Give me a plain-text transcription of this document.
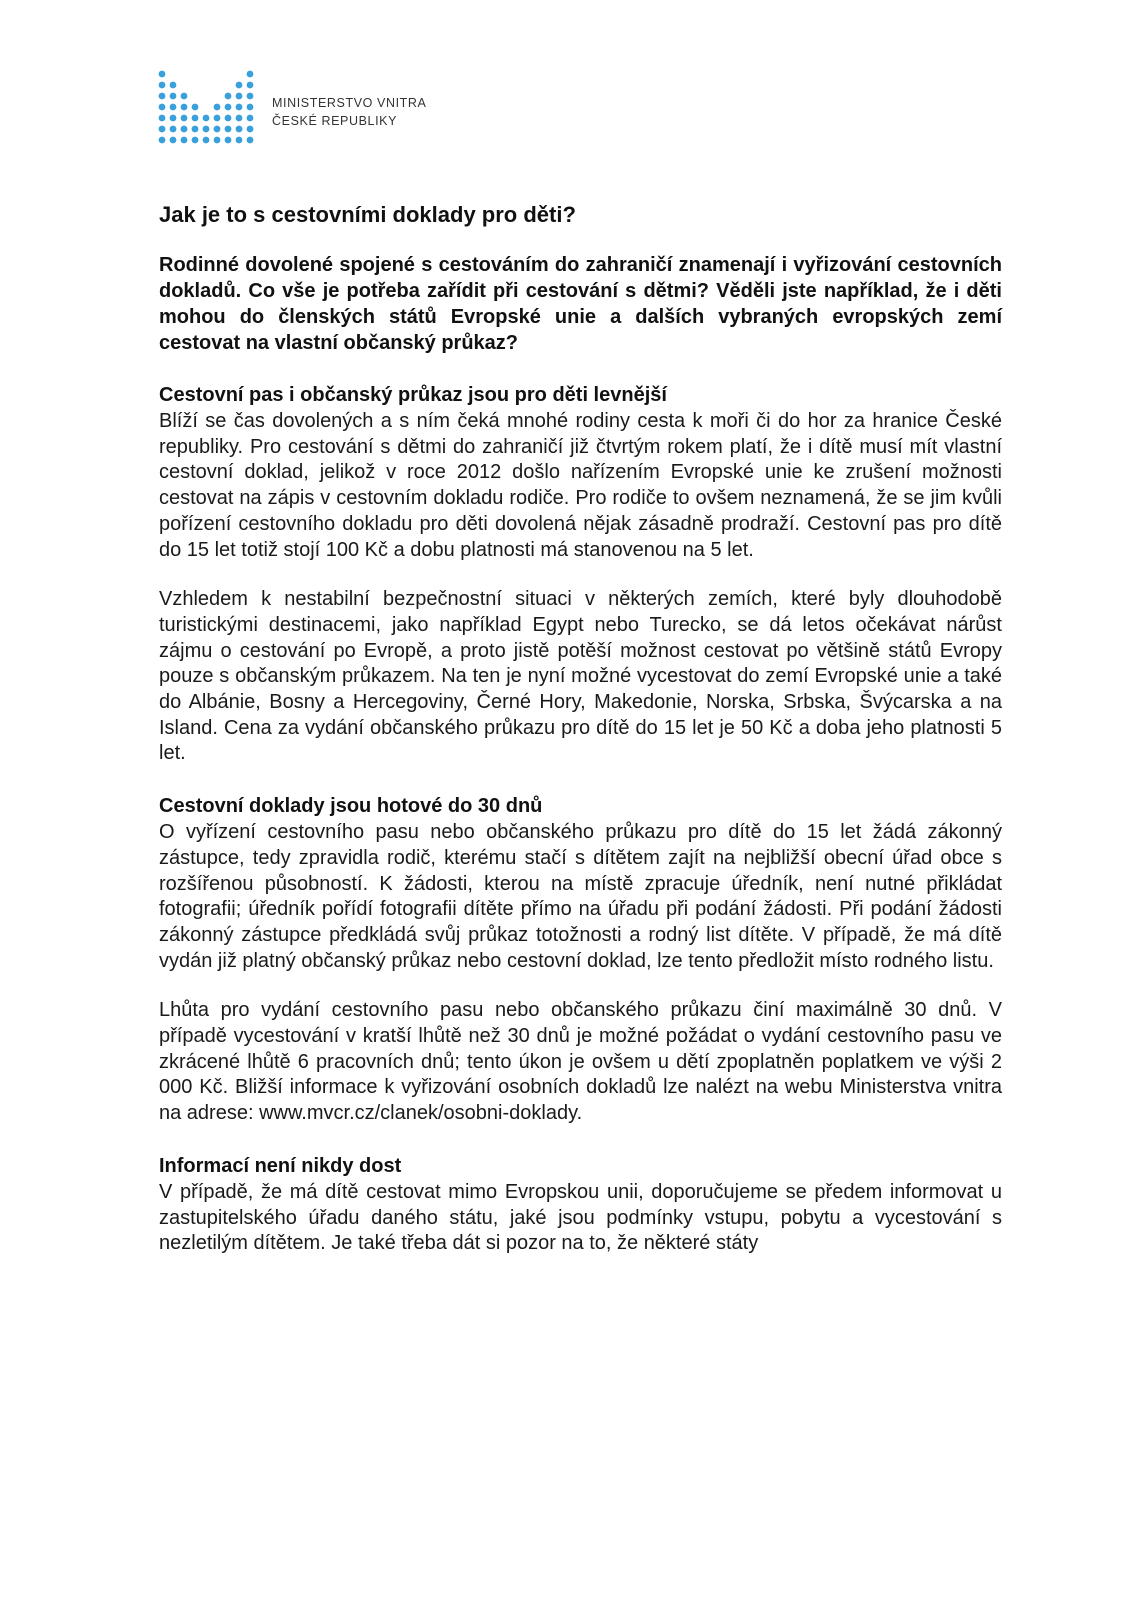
MINISTERSTVO VNITRA
ČESKÉ REPUBLIKY
Jak je to s cestovními doklady pro děti?

Rodinné dovolené spojené s cestováním do zahraničí znamenají i vyřizování cestovních dokladů. Co vše je potřeba zařídit při cestování s dětmi? Věděli jste například, že i děti mohou do členských států Evropské unie a dalších vybraných evropských zemí cestovat na vlastní občanský průkaz?

Cestovní pas i občanský průkaz jsou pro děti levnější

Blíží se čas dovolených a s ním čeká mnohé rodiny cesta k moři či do hor za hranice České republiky. Pro cestování s dětmi do zahraničí již čtvrtým rokem platí, že i dítě musí mít vlastní cestovní doklad, jelikož v roce 2012 došlo nařízením Evropské unie ke zrušení možnosti cestovat na zápis v cestovním dokladu rodiče. Pro rodiče to ovšem neznamená, že se jim kvůli pořízení cestovního dokladu pro děti dovolená nějak zásadně prodraží. Cestovní pas pro dítě do 15 let totiž stojí 100 Kč a dobu platnosti má stanovenou na 5 let.

Vzhledem k nestabilní bezpečnostní situaci v některých zemích, které byly dlouhodobě turistickými destinacemi, jako například Egypt nebo Turecko, se dá letos očekávat nárůst zájmu o cestování po Evropě, a proto jistě potěší možnost cestovat po většině států Evropy pouze s občanským průkazem. Na ten je nyní možné vycestovat do zemí Evropské unie a také do Albánie, Bosny a Hercegoviny, Černé Hory, Makedonie, Norska, Srbska, Švýcarska a na Island. Cena za vydání občanského průkazu pro dítě do 15 let je 50 Kč a doba jeho platnosti 5 let.

Cestovní doklady jsou hotové do 30 dnů

O vyřízení cestovního pasu nebo občanského průkazu pro dítě do 15 let žádá zákonný zástupce, tedy zpravidla rodič, kterému stačí s dítětem zajít na nejbližší obecní úřad obce s rozšířenou působností. K žádosti, kterou na místě zpracuje úředník, není nutné přikládat fotografii; úředník pořídí fotografii dítěte přímo na úřadu při podání žádosti. Při podání žádosti zákonný zástupce předkládá svůj průkaz totožnosti a rodný list dítěte. V případě, že má dítě vydán již platný občanský průkaz nebo cestovní doklad, lze tento předložit místo rodného listu.

Lhůta pro vydání cestovního pasu nebo občanského průkazu činí maximálně 30 dnů. V případě vycestování v kratší lhůtě než 30 dnů je možné požádat o vydání cestovního pasu ve zkrácené lhůtě 6 pracovních dnů; tento úkon je ovšem u dětí zpoplatněn poplatkem ve výši 2 000 Kč. Bližší informace k vyřizování osobních dokladů lze nalézt na webu Ministerstva vnitra na adrese: www.mvcr.cz/clanek/osobni-doklady.

Informací není nikdy dost

V případě, že má dítě cestovat mimo Evropskou unii, doporučujeme se předem informovat u zastupitelského úřadu daného státu, jaké jsou podmínky vstupu, pobytu a vycestování s nezletilým dítětem. Je také třeba dát si pozor na to, že některé státy
